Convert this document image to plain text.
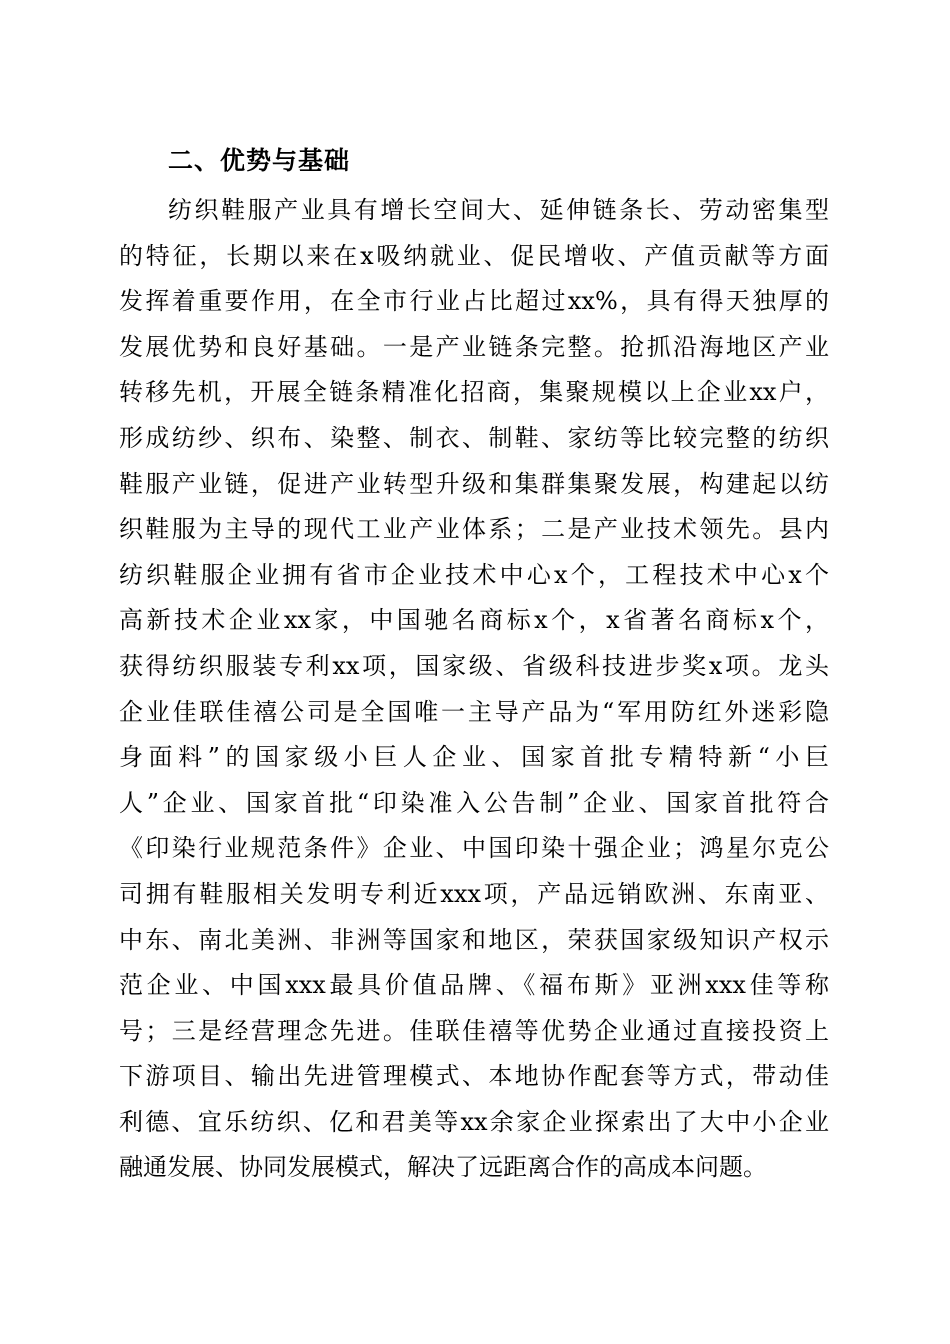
二、优势与基础
纺织鞋服产业具有增长空间大、延伸链条长、劳动密集型
的特征，长期以来在x吸纳就业、促民增收、产值贡献等方面
发挥着重要作用，在全市行业占比超过xx%，具有得天独厚的
发展优势和良好基础。一是产业链条完整。抢抓沿海地区产业
转移先机，开展全链条精准化招商，集聚规模以上企业xx户，
形成纺纱、织布、染整、制衣、制鞋、家纺等比较完整的纺织
鞋服产业链，促进产业转型升级和集群集聚发展，构建起以纺
织鞋服为主导的现代工业产业体系；二是产业技术领先。县内
纺织鞋服企业拥有省市企业技术中心x个，工程技术中心x个
高新技术企业xx家，中国驰名商标x个，x省著名商标x个，
获得纺织服装专利xx项，国家级、省级科技进步奖x项。龙头
企业佳联佳禧公司是全国唯一主导产品为“军用防红外迷彩隐
身面料”的国家级小巨人企业、国家首批专精特新“小巨
人”企业、国家首批“印染准入公告制”企业、国家首批符合
《印染行业规范条件》企业、中国印染十强企业；鸿星尔克公
司拥有鞋服相关发明专利近xxx项，产品远销欧洲、东南亚、
中东、南北美洲、非洲等国家和地区，荣获国家级知识产权示
范企业、中国xxx最具价值品牌、《福布斯》亚洲xxx佳等称
号；三是经营理念先进。佳联佳禧等优势企业通过直接投资上
下游项目、输出先进管理模式、本地协作配套等方式，带动佳
利德、宜乐纺织、亿和君美等xx余家企业探索出了大中小企业
融通发展、协同发展模式，解决了远距离合作的高成本问题。
